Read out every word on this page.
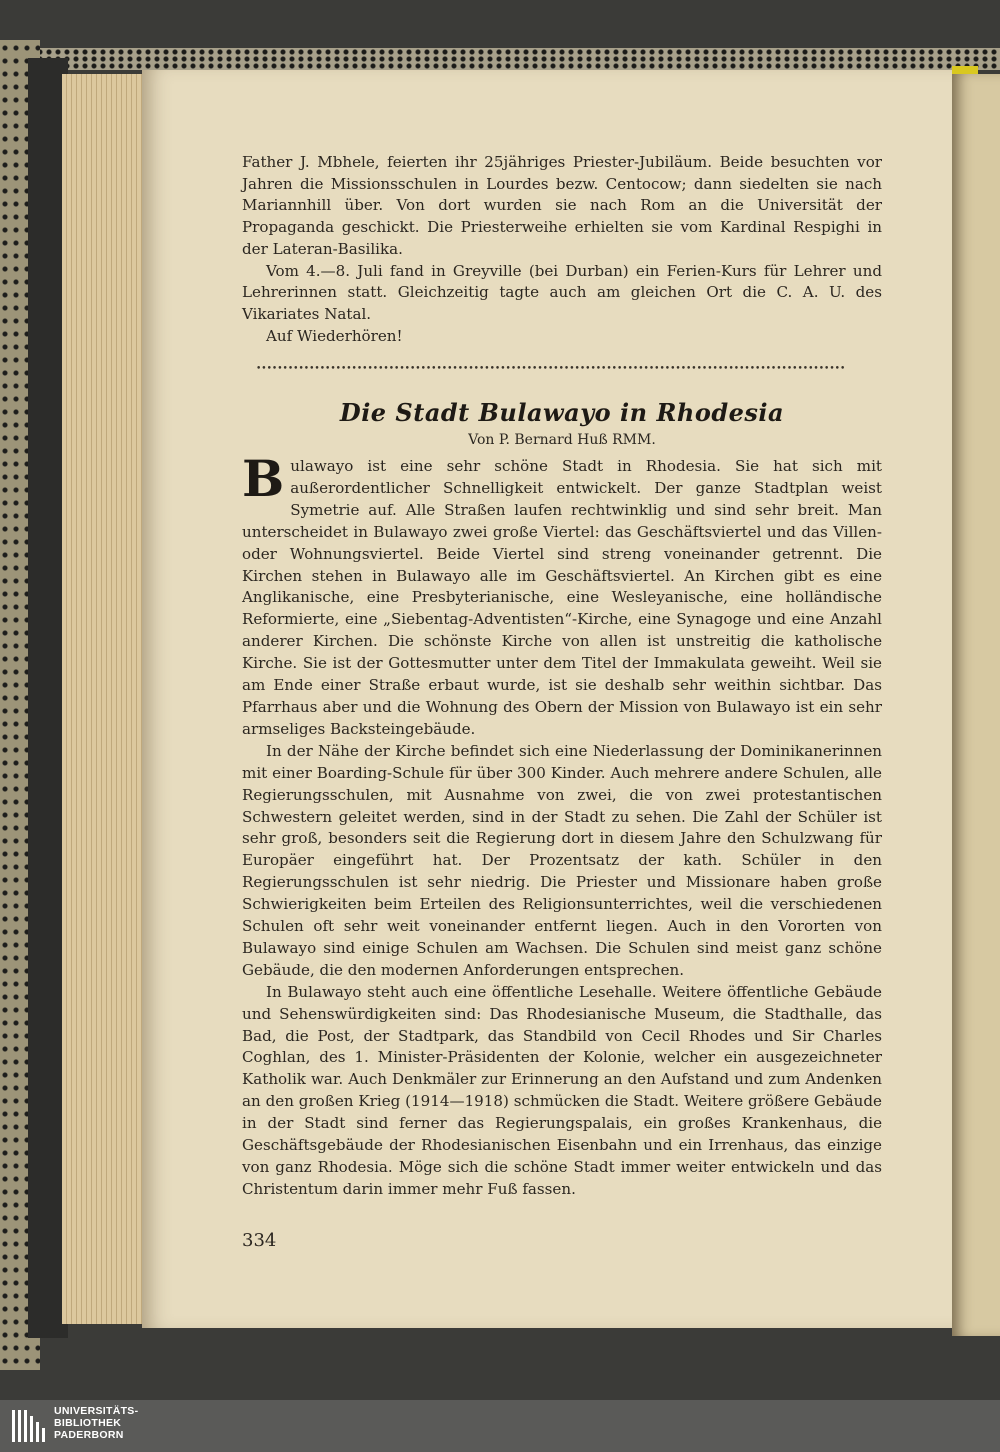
Father J. Mbhele, feierten ihr 25jähriges Priester-Jubiläum. Beide besuchten vor Jahren die Missionsschulen in Lourdes bezw. Centocow; dann siedelten sie nach Mariannhill über. Von dort wurden sie nach Rom an die Universität der Propaganda geschickt. Die Priesterweihe erhielten sie vom Kardinal Respighi in der Lateran-Basilika.

Vom 4.—8. Juli fand in Greyville (bei Durban) ein Ferien-Kurs für Lehrer und Lehrerinnen statt. Gleichzeitig tagte auch am gleichen Ort die C. A. U. des Vikariates Natal.

Auf Wiederhören!

•••••••••••••••••••••••••••••••••••••••••••••••••••••••••••••••••••••••••••••••••••••••••••••••••••••••••••••••
Die Stadt Bulawayo in Rhodesia
Von P. Bernard Huß RMM.

Bulawayo ist eine sehr schöne Stadt in Rhodesia. Sie hat sich mit außerordentlicher Schnelligkeit entwickelt. Der ganze Stadtplan weist Symetrie auf. Alle Straßen laufen rechtwinklig und sind sehr breit. Man unterscheidet in Bulawayo zwei große Viertel: das Geschäftsviertel und das Villen- oder Wohnungsviertel. Beide Viertel sind streng voneinander getrennt. Die Kirchen stehen in Bulawayo alle im Geschäftsviertel. An Kirchen gibt es eine Anglikanische, eine Presbyterianische, eine Wesleyanische, eine holländische Reformierte, eine „Siebentag-Adventisten“-Kirche, eine Synagoge und eine Anzahl anderer Kirchen. Die schönste Kirche von allen ist unstreitig die katholische Kirche. Sie ist der Gottesmutter unter dem Titel der Immakulata geweiht. Weil sie am Ende einer Straße erbaut wurde, ist sie deshalb sehr weithin sichtbar. Das Pfarrhaus aber und die Wohnung des Obern der Mission von Bulawayo ist ein sehr armseliges Backsteingebäude.

In der Nähe der Kirche befindet sich eine Niederlassung der Dominikanerinnen mit einer Boarding-Schule für über 300 Kinder. Auch mehrere andere Schulen, alle Regierungsschulen, mit Ausnahme von zwei, die von zwei protestantischen Schwestern geleitet werden, sind in der Stadt zu sehen. Die Zahl der Schüler ist sehr groß, besonders seit die Regierung dort in diesem Jahre den Schulzwang für Europäer eingeführt hat. Der Prozentsatz der kath. Schüler in den Regierungsschulen ist sehr niedrig. Die Priester und Missionare haben große Schwierigkeiten beim Erteilen des Religionsunterrichtes, weil die verschiedenen Schulen oft sehr weit voneinander entfernt liegen. Auch in den Vororten von Bulawayo sind einige Schulen am Wachsen. Die Schulen sind meist ganz schöne Gebäude, die den modernen Anforderungen entsprechen.

In Bulawayo steht auch eine öffentliche Lesehalle. Weitere öffentliche Gebäude und Sehenswürdigkeiten sind: Das Rhodesianische Museum, die Stadthalle, das Bad, die Post, der Stadtpark, das Standbild von Cecil Rhodes und Sir Charles Coghlan, des 1. Minister-Präsidenten der Kolonie, welcher ein ausgezeichneter Katholik war. Auch Denkmäler zur Erinnerung an den Aufstand und zum Andenken an den großen Krieg (1914—1918) schmücken die Stadt. Weitere größere Gebäude in der Stadt sind ferner das Regierungspalais, ein großes Krankenhaus, die Geschäftsgebäude der Rhodesianischen Eisenbahn und ein Irrenhaus, das einzige von ganz Rhodesia. Möge sich die schöne Stadt immer weiter entwickeln und das Christentum darin immer mehr Fuß fassen.

334
UNIVERSITÄTS-
BIBLIOTHEK
PADERBORN
